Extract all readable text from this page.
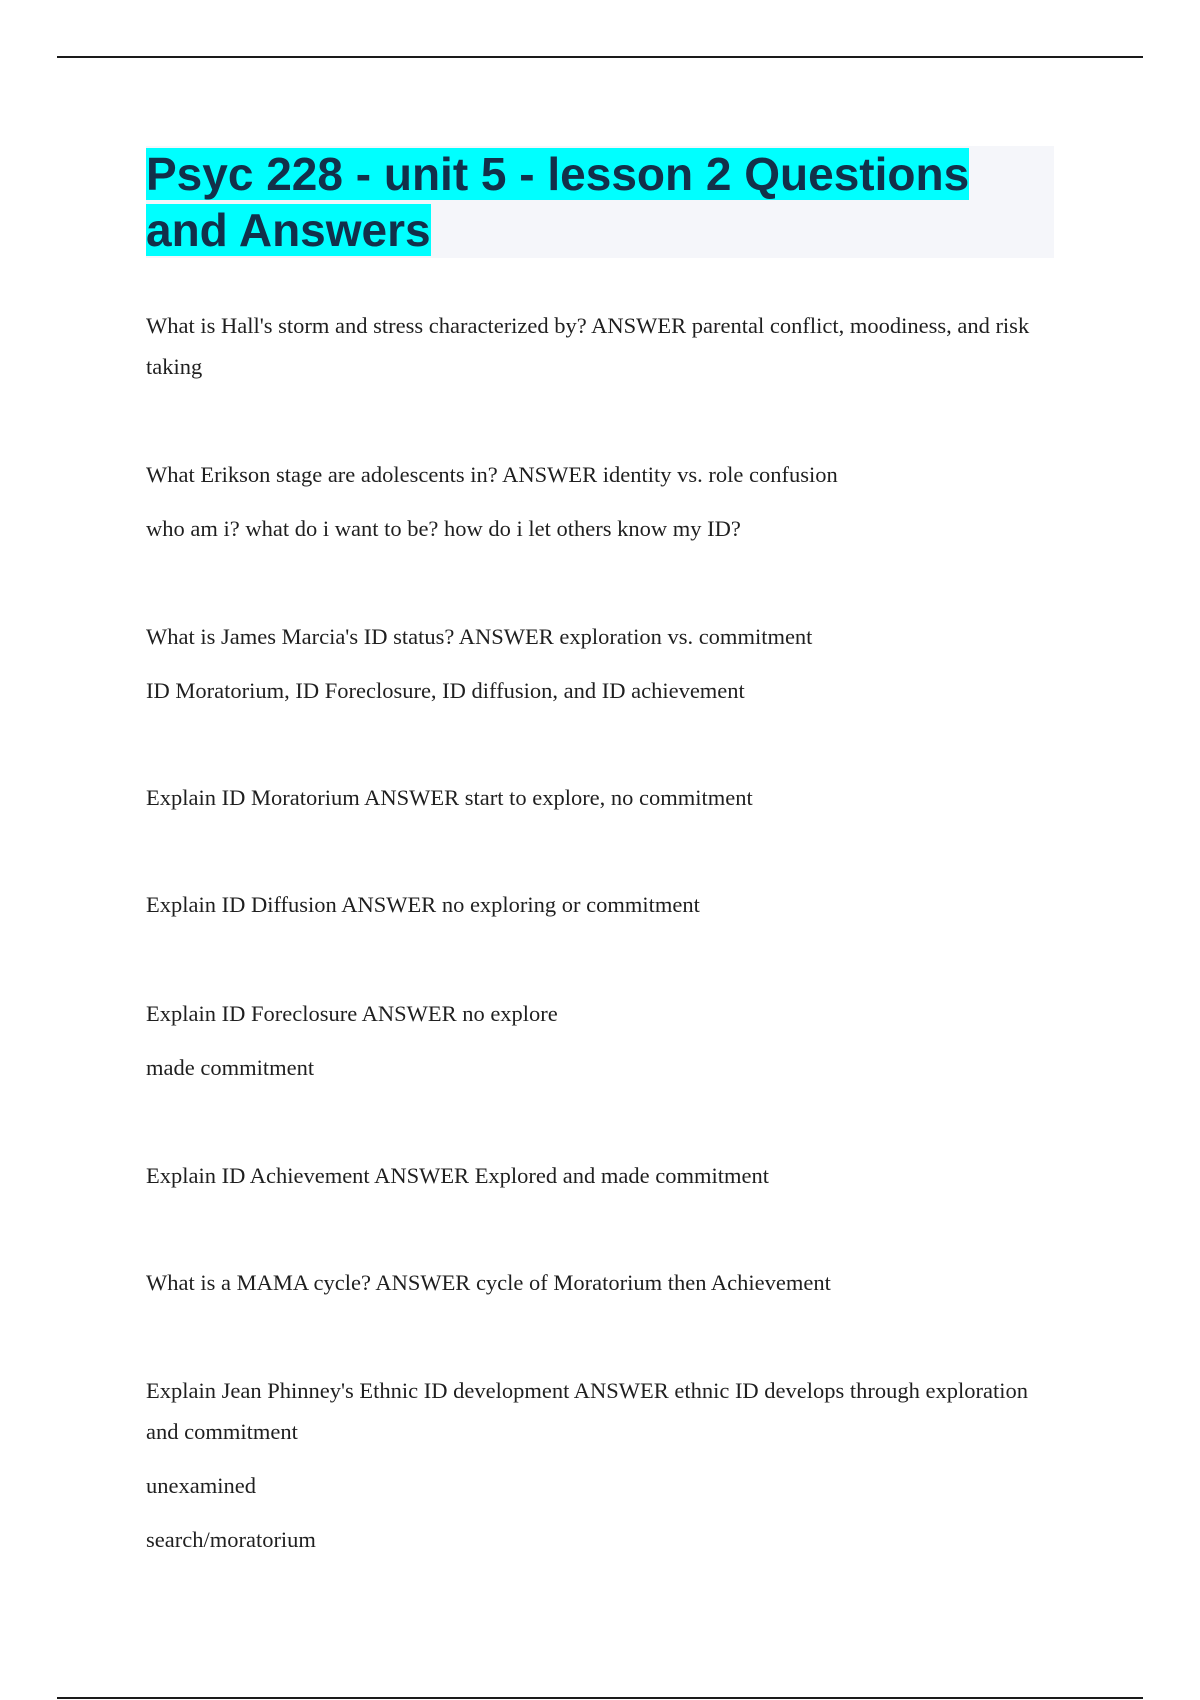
Psyc 228 - unit 5 - lesson 2 Questions and Answers

What is Hall's storm and stress characterized by? ANSWER parental conflict, moodiness, and risk taking

What Erikson stage are adolescents in? ANSWER identity vs. role confusion

who am i? what do i want to be? how do i let others know my ID?

What is James Marcia's ID status? ANSWER exploration vs. commitment

ID Moratorium, ID Foreclosure, ID diffusion, and ID achievement

Explain ID Moratorium ANSWER start to explore, no commitment

Explain ID Diffusion ANSWER no exploring or commitment

Explain ID Foreclosure ANSWER no explore

made commitment

Explain ID Achievement ANSWER Explored and made commitment

What is a MAMA cycle? ANSWER cycle of Moratorium then Achievement

Explain Jean Phinney's Ethnic ID development ANSWER ethnic ID develops through exploration and commitment

unexamined

search/moratorium
